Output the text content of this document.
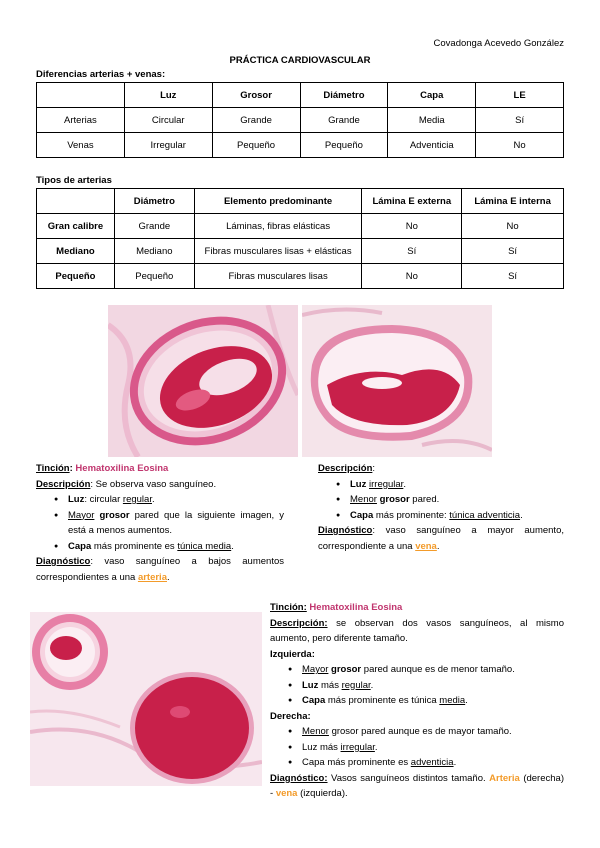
Covadonga Acevedo González
PRÁCTICA CARDIOVASCULAR
Diferencias arterias + venas:
	Luz	Grosor	Diámetro	Capa	LE
Arterias	Circular	Grande	Grande	Media	Sí
Venas	Irregular	Pequeño	Pequeño	Adventicia	No
Tipos de arterias
	Diámetro	Elemento predominante	Lámina E externa	Lámina E interna
Gran calibre	Grande	Láminas, fibras elásticas	No	No
Mediano	Mediano	Fibras musculares lisas + elásticas	Sí	Sí
Pequeño	Pequeño	Fibras musculares lisas	No	Sí

Tinción: Hematoxilina Eosina

Descripción: Se observa vaso sanguíneo.

● Luz: circular regular.
● Mayor grosor pared que la siguiente imagen, y está a menos aumentos.
● Capa más prominente es túnica media.

Diagnóstico: vaso sanguíneo a bajos aumentos correspondientes a una arteria.

Descripción:

● Luz irregular.
● Menor grosor pared.
● Capa más prominente: túnica adventicia.

Diagnóstico: vaso sanguíneo a mayor aumento, correspondiente a una vena.

Tinción: Hematoxilina Eosina

Descripción: se observan dos vasos sanguíneos, al mismo aumento, pero diferente tamaño.

Izquierda:

● Mayor grosor pared aunque es de menor tamaño.
● Luz más regular.
● Capa más prominente es túnica media.

Derecha:

● Menor grosor pared aunque es de mayor tamaño.
● Luz más irregular.
● Capa más prominente es adventicia.

Diagnóstico: Vasos sanguíneos distintos tamaño. Arteria (derecha) - vena (izquierda).
